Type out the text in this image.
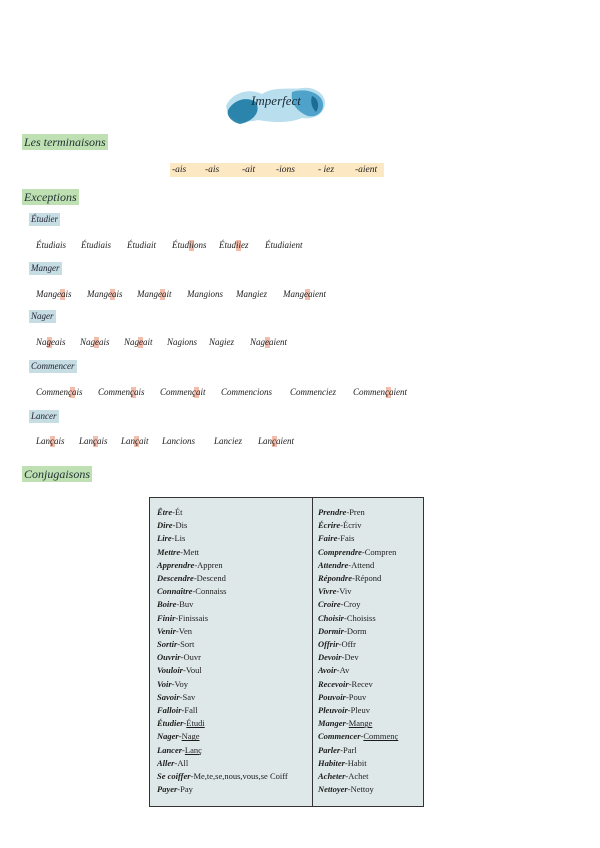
Imperfect
Les terminaisons
-ais -ais -ait -ions - iez -aient
Exceptions
Étudier
Étudiais Étudiais Étudiait Étudiions Étudiiez Étudiaient
Manger
Mangeais Mangeais Mangeait Mangions Mangiez Mangeaient
Nager
Nageais Nageais Nageait Nagions Nagiez Nageaient
Commencer
Commençais Commençais Commençait Commencions Commenciez Commençaient
Lancer
Lançais Lançais Lançait Lancions Lanciez Lançaient
Conjugaisons
Être-Ét
Dire-Dis
Lire-Lis
Mettre-Mett
Apprendre-Appren
Descendre-Descend
Connaître-Connaiss
Boire-Buv
Finir-Finissais
Venir-Ven
Sortir-Sort
Ouvrir-Ouvr
Vouloir-Voul
Voir-Voy
Savoir-Sav
Falloir-Fall
Étudier-Étudi
Nager-Nage
Lancer-Lanç
Aller-All
Se coiffer-Me,te,se,nous,vous,se Coiff
Payer-Pay
Prendre-Pren
Écrire-Écriv
Faire-Fais
Comprendre-Compren
Attendre-Attend
Répondre-Répond
Vivre-Viv
Croire-Croy
Choisir-Choisiss
Dormir-Dorm
Offrir-Offr
Devoir-Dev
Avoir-Av
Recevoir-Recev
Pouvoir-Pouv
Pleuvoir-Pleuv
Manger-Mange
Commencer-Commenç
Parler-Parl
Habiter-Habit
Acheter-Achet
Nettoyer-Nettoy
